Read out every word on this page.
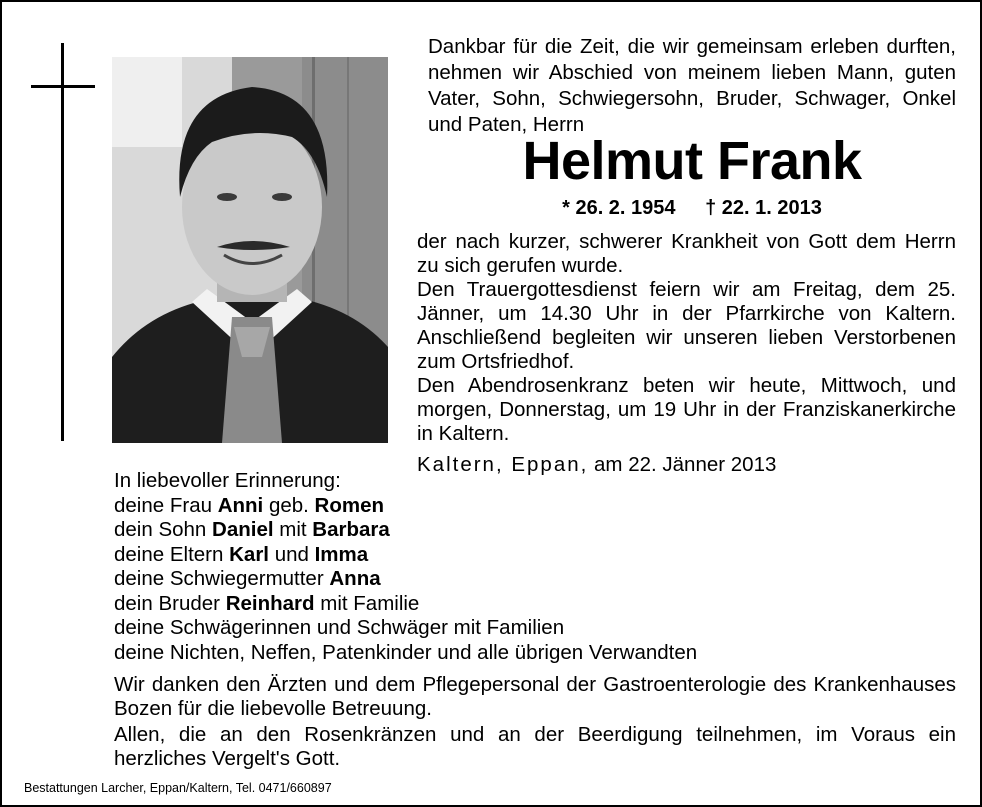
Dankbar für die Zeit, die wir gemeinsam erleben durften, nehmen wir Abschied von meinem lieben Mann, guten Vater, Sohn, Schwiegersohn, Bruder, Schwager, Onkel und Paten, Herrn

Helmut Frank
* 26. 2. 1954 † 22. 1. 2013

der nach kurzer, schwerer Krankheit von Gott dem Herrn zu sich gerufen wurde.

Den Trauergottesdienst feiern wir am Freitag, dem 25. Jänner, um 14.30 Uhr in der Pfarrkirche von Kaltern. Anschließend begleiten wir unseren lieben Verstorbenen zum Ortsfriedhof.

Den Abendrosenkranz beten wir heute, Mittwoch, und morgen, Donnerstag, um 19 Uhr in der Franziskanerkirche in Kaltern.

Kaltern, Eppan, am 22. Jänner 2013
In liebevoller Erinnerung:
deine Frau Anni geb. Romen
dein Sohn Daniel mit Barbara
deine Eltern Karl und Imma
deine Schwiegermutter Anna
dein Bruder Reinhard mit Familie
deine Schwägerinnen und Schwäger mit Familien
deine Nichten, Neffen, Patenkinder und alle übrigen Verwandten

Wir danken den Ärzten und dem Pflegepersonal der Gastroenterologie des Krankenhauses Bozen für die liebevolle Betreuung.

Allen, die an den Rosenkränzen und an der Beerdigung teilnehmen, im Voraus ein herzliches Vergelt's Gott.

Bestattungen Larcher, Eppan/Kaltern, Tel. 0471/660897
